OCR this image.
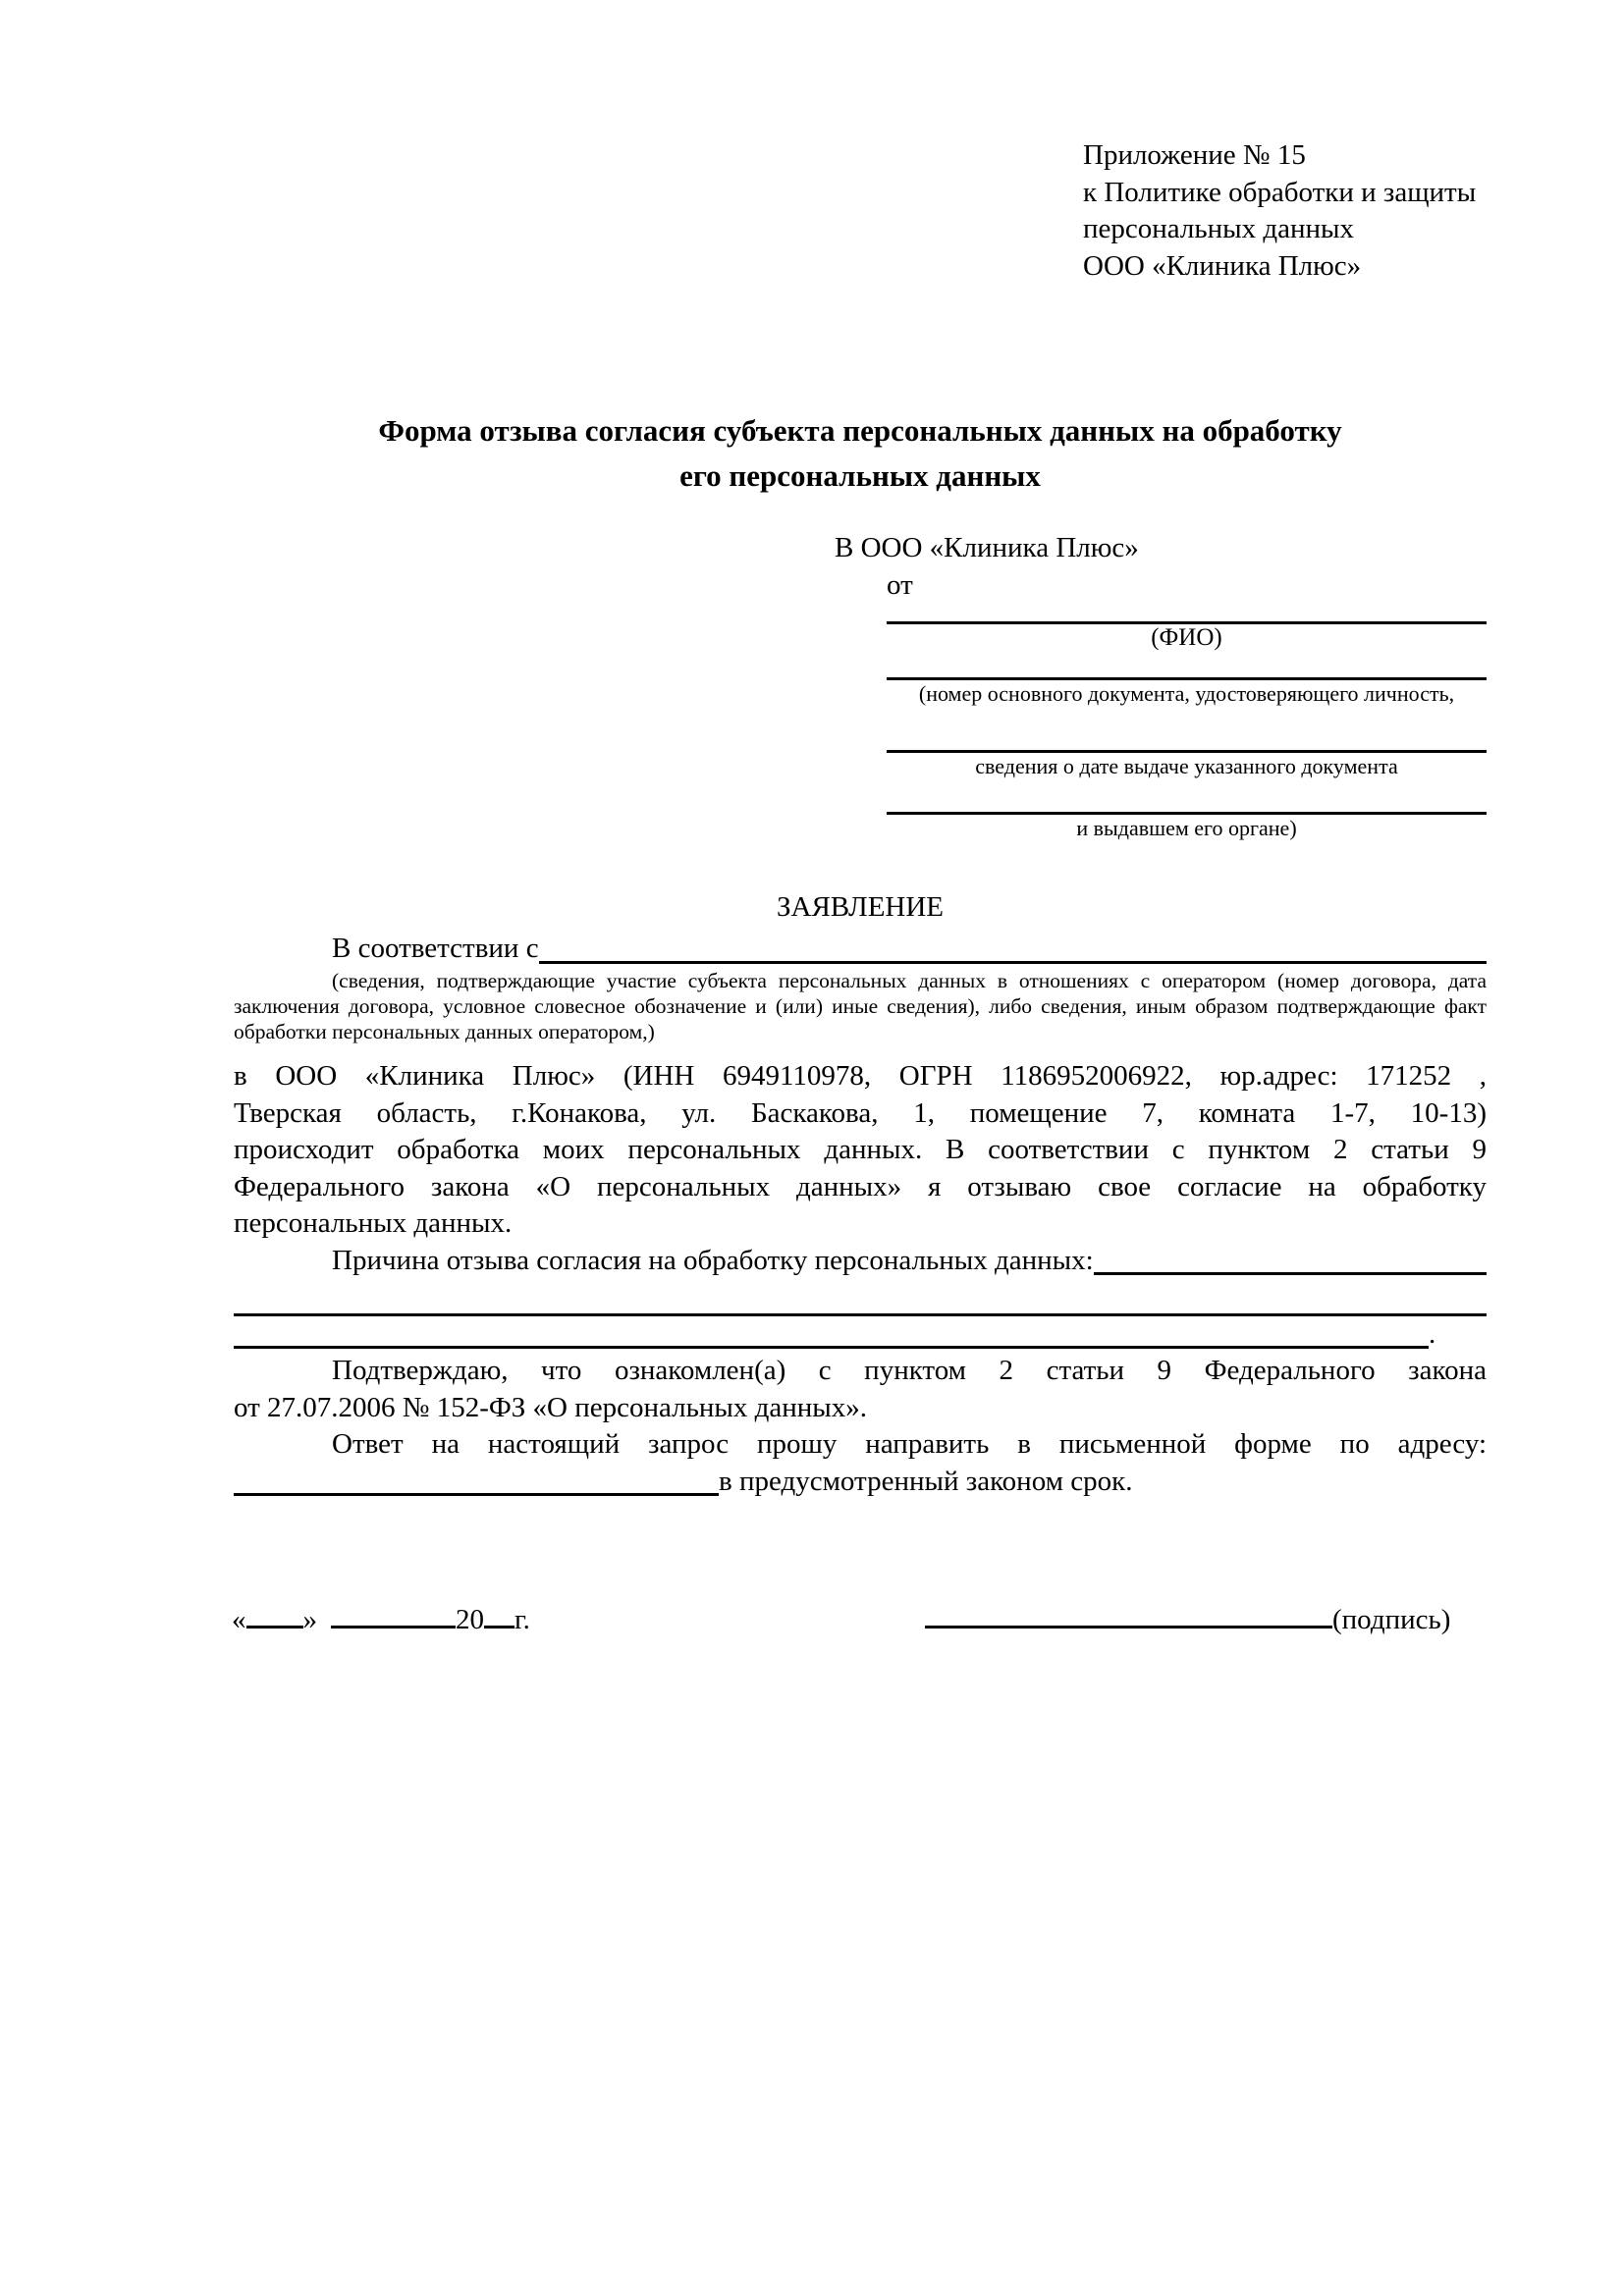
Приложение № 15
к Политике обработки и защиты
персональных данных
ООО «Клиника Плюс»
Форма отзыва согласия субъекта персональных данных на обработку
его персональных данных
В ООО «Клиника Плюс»
от
(ФИО)
(номер основного документа, удостоверяющего личность,
сведения о дате выдаче указанного документа
и выдавшем его органе)
ЗАЯВЛЕНИЕ
В соответствии с
(сведения, подтверждающие участие субъекта персональных данных в отношениях с оператором (номер договора, дата
заключения договора, условное словесное обозначение и (или) иные сведения), либо сведения, иным образом подтверждающие факт
обработки персональных данных оператором,)
в ООО «Клиника Плюс» (ИНН 6949110978, ОГРН 1186952006922, юр.адрес: 171252 ,
Тверская область, г.Конакова, ул. Баскакова, 1, помещение 7, комната 1-7, 10-13)
происходит обработка моих персональных данных. В соответствии с пунктом 2 статьи 9
Федерального закона «О персональных данных» я отзываю свое согласие на обработку
персональных данных.
Причина отзыва согласия на обработку персональных данных:
.
Подтверждаю, что ознакомлен(а) с пунктом 2 статьи 9 Федерального закона
от 27.07.2006 № 152-ФЗ «О персональных данных».
Ответ на настоящий запрос прошу направить в письменной форме по адресу:
в предусмотренный законом срок.
« »	20 г.	(подпись)
